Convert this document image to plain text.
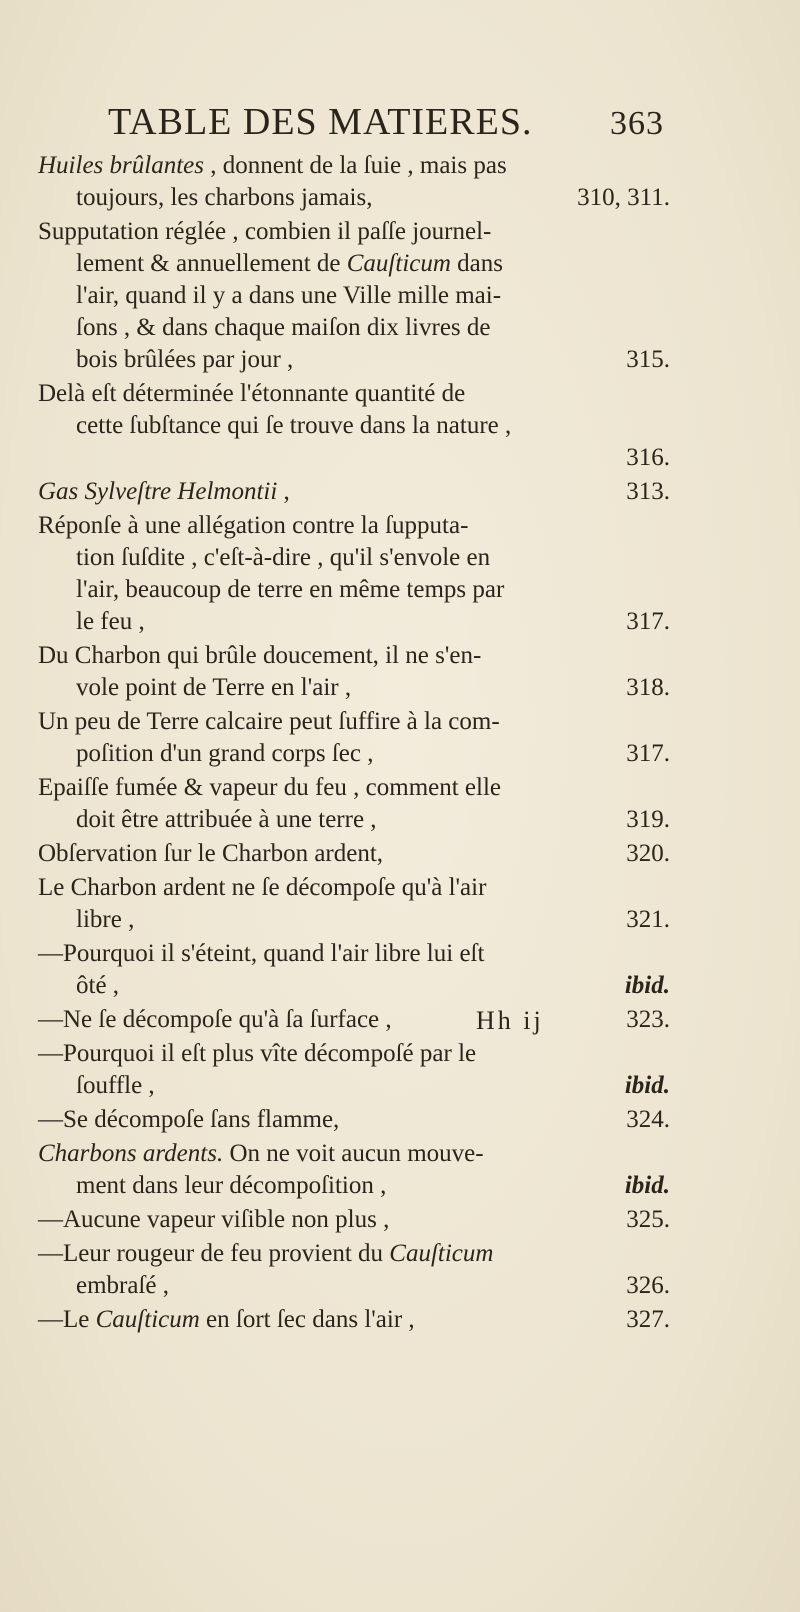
TABLE DES MATIERES. 363
Huiles brûlantes , donnent de la ſuie , mais pas
toujours, les charbons jamais,	310, 311.
Supputation réglée , combien il paſſe journel-
lement & annuellement de Cauſticum dans
l'air, quand il y a dans une Ville mille mai-
ſons , & dans chaque maiſon dix livres de
bois brûlées par jour ,	315.
Delà eſt déterminée l'étonnante quantité de
cette ſubſtance qui ſe trouve dans la nature ,
316.
Gas Sylveſtre Helmontii ,	313.
Réponſe à une allégation contre la ſupputa-
tion ſuſdite , c'eſt-à-dire , qu'il s'envole en
l'air, beaucoup de terre en même temps par
le feu ,	317.
Du Charbon qui brûle doucement, il ne s'en-
vole point de Terre en l'air ,	318.
Un peu de Terre calcaire peut ſuffire à la com-
poſition d'un grand corps ſec ,	317.
Epaiſſe fumée & vapeur du feu , comment elle
doit être attribuée à une terre ,	319.
Obſervation ſur le Charbon ardent,	320.
Le Charbon ardent ne ſe décompoſe qu'à l'air
libre ,	321.
—Pourquoi il s'éteint, quand l'air libre lui eſt
ôté ,	ibid.
—Ne ſe décompoſe qu'à ſa ſurface ,	323.
—Pourquoi il eſt plus vîte décompoſé par le
ſouffle ,	ibid.
—Se décompoſe ſans flamme,	324.
Charbons ardents. On ne voit aucun mouve-
ment dans leur décompoſition ,	ibid.
—Aucune vapeur viſible non plus ,	325.
—Leur rougeur de feu provient du Cauſticum
embraſé ,	326.
—Le Cauſticum en ſort ſec dans l'air ,	327.
Hh ij
